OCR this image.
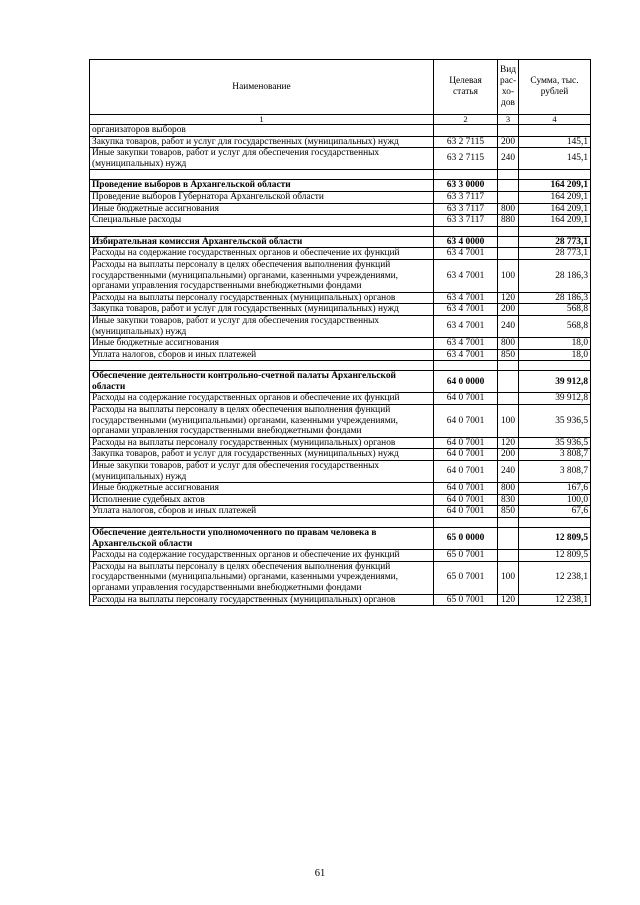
Наименование	Целевая статья	Вид рас-хо-дов	Сумма, тыс. рублей
1	2	3	4
организаторов выборов			
Закупка товаров, работ и услуг для государственных (муниципальных) нужд	63 2 7115	200	145,1
Иные закупки товаров, работ и услуг для обеспечения государственных (муниципальных) нужд	63 2 7115	240	145,1

Проведение выборов в Архангельской области	63 3 0000		164 209,1
Проведение выборов Губернатора Архангельской области	63 3 7117		164 209,1
Иные бюджетные ассигнования	63 3 7117	800	164 209,1
Специальные расходы	63 3 7117	880	164 209,1

Избирательная комиссия Архангельской области	63 4 0000		28 773,1
Расходы на содержание государственных органов и обеспечение их функций	63 4 7001		28 773,1
Расходы на выплаты персоналу в целях обеспечения выполнения функций государственными (муниципальными) органами, казенными учреждениями, органами управления государственными внебюджетными фондами	63 4 7001	100	28 186,3
Расходы на выплаты персоналу государственных (муниципальных) органов	63 4 7001	120	28 186,3
Закупка товаров, работ и услуг для государственных (муниципальных) нужд	63 4 7001	200	568,8
Иные закупки товаров, работ и услуг для обеспечения государственных (муниципальных) нужд	63 4 7001	240	568,8
Иные бюджетные ассигнования	63 4 7001	800	18,0
Уплата налогов, сборов и иных платежей	63 4 7001	850	18,0

Обеспечение деятельности контрольно-счетной палаты Архангельской области	64 0 0000		39 912,8
Расходы на содержание государственных органов и обеспечение их функций	64 0 7001		39 912,8
Расходы на выплаты персоналу в целях обеспечения выполнения функций государственными (муниципальными) органами, казенными учреждениями, органами управления государственными внебюджетными фондами	64 0 7001	100	35 936,5
Расходы на выплаты персоналу государственных (муниципальных) органов	64 0 7001	120	35 936,5
Закупка товаров, работ и услуг для государственных (муниципальных) нужд	64 0 7001	200	3 808,7
Иные закупки товаров, работ и услуг для обеспечения государственных (муниципальных) нужд	64 0 7001	240	3 808,7
Иные бюджетные ассигнования	64 0 7001	800	167,6
Исполнение судебных актов	64 0 7001	830	100,0
Уплата налогов, сборов и иных платежей	64 0 7001	850	67,6

Обеспечение деятельности уполномоченного по правам человека в Архангельской области	65 0 0000		12 809,5
Расходы на содержание государственных органов и обеспечение их функций	65 0 7001		12 809,5
Расходы на выплаты персоналу в целях обеспечения выполнения функций государственными (муниципальными) органами, казенными учреждениями, органами управления государственными внебюджетными фондами	65 0 7001	100	12 238,1
Расходы на выплаты персоналу государственных (муниципальных) органов	65 0 7001	120	12 238,1
61
